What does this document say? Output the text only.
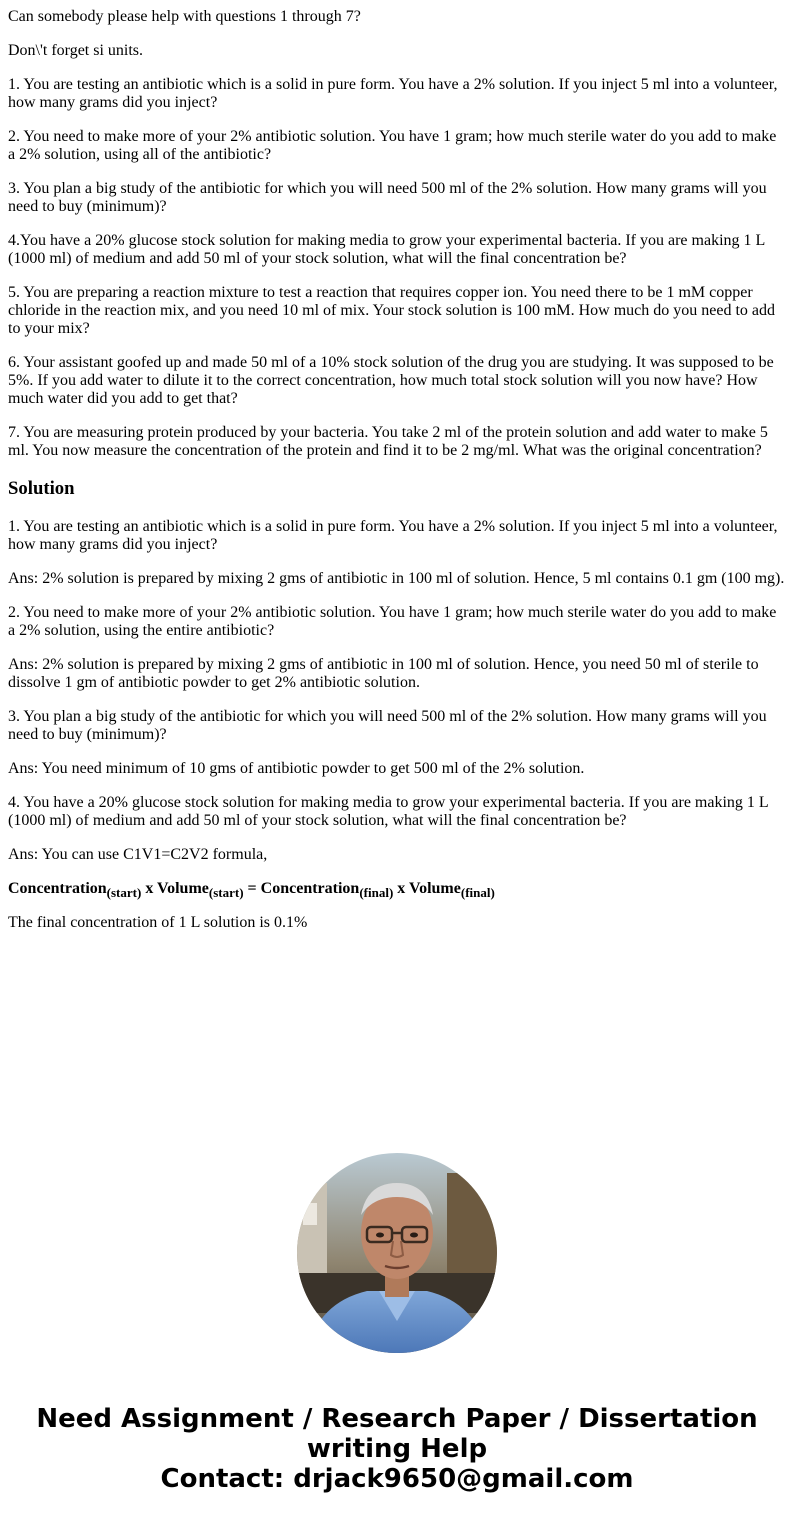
Can somebody please help with questions 1 through 7?

Don\'t forget si units.

1. You are testing an antibiotic which is a solid in pure form. You have a 2% solution. If you inject 5 ml into a volunteer, how many grams did you inject?

2. You need to make more of your 2% antibiotic solution. You have 1 gram; how much sterile water do you add to make a 2% solution, using all of the antibiotic?

3. You plan a big study of the antibiotic for which you will need 500 ml of the 2% solution. How many grams will you need to buy (minimum)?

4.You have a 20% glucose stock solution for making media to grow your experimental bacteria. If you are making 1 L (1000 ml) of medium and add 50 ml of your stock solution, what will the final concentration be?

5. You are preparing a reaction mixture to test a reaction that requires copper ion. You need there to be 1 mM copper chloride in the reaction mix, and you need 10 ml of mix. Your stock solution is 100 mM. How much do you need to add to your mix?

6. Your assistant goofed up and made 50 ml of a 10% stock solution of the drug you are studying. It was supposed to be 5%. If you add water to dilute it to the correct concentration, how much total stock solution will you now have? How much water did you add to get that?

7. You are measuring protein produced by your bacteria. You take 2 ml of the protein solution and add water to make 5 ml. You now measure the concentration of the protein and find it to be 2 mg/ml. What was the original concentration?

Solution

1. You are testing an antibiotic which is a solid in pure form. You have a 2% solution. If you inject 5 ml into a volunteer, how many grams did you inject?

Ans: 2% solution is prepared by mixing 2 gms of antibiotic in 100 ml of solution. Hence, 5 ml contains 0.1 gm (100 mg).

2. You need to make more of your 2% antibiotic solution. You have 1 gram; how much sterile water do you add to make a 2% solution, using the entire antibiotic?

Ans: 2% solution is prepared by mixing 2 gms of antibiotic in 100 ml of solution. Hence, you need 50 ml of sterile to dissolve 1 gm of antibiotic powder to get 2% antibiotic solution.

3. You plan a big study of the antibiotic for which you will need 500 ml of the 2% solution. How many grams will you need to buy (minimum)?

Ans: You need minimum of 10 gms of antibiotic powder to get 500 ml of the 2% solution.

4. You have a 20% glucose stock solution for making media to grow your experimental bacteria. If you are making 1 L (1000 ml) of medium and add 50 ml of your stock solution, what will the final concentration be?

Ans: You can use C1V1=C2V2 formula,

Concentration$_{(start)}$ x Volume$_{(start)}$ = Concentration$_{(final)}$ x Volume$_{(final)}$

The final concentration of 1 L solution is 0.1%

Need Assignment / Research Paper / Dissertation writing Help
Contact: drjack9650@gmail.com
